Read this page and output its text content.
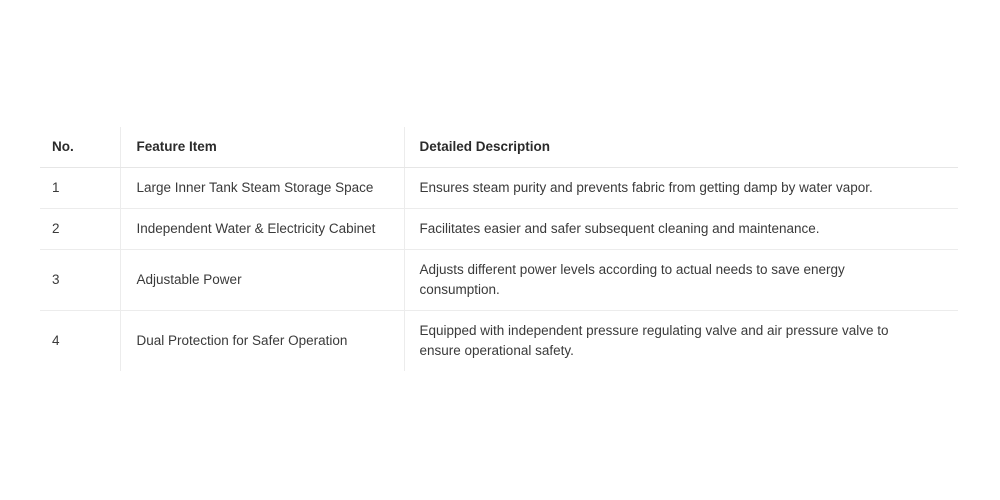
No.	Feature Item	Detailed Description
1	Large Inner Tank Steam Storage Space	Ensures steam purity and prevents fabric from getting damp by water vapor.
2	Independent Water & Electricity Cabinet	Facilitates easier and safer subsequent cleaning and maintenance.
3	Adjustable Power	Adjusts different power levels according to actual needs to save energy consumption.
4	Dual Protection for Safer Operation	Equipped with independent pressure regulating valve and air pressure valve to ensure operational safety.
